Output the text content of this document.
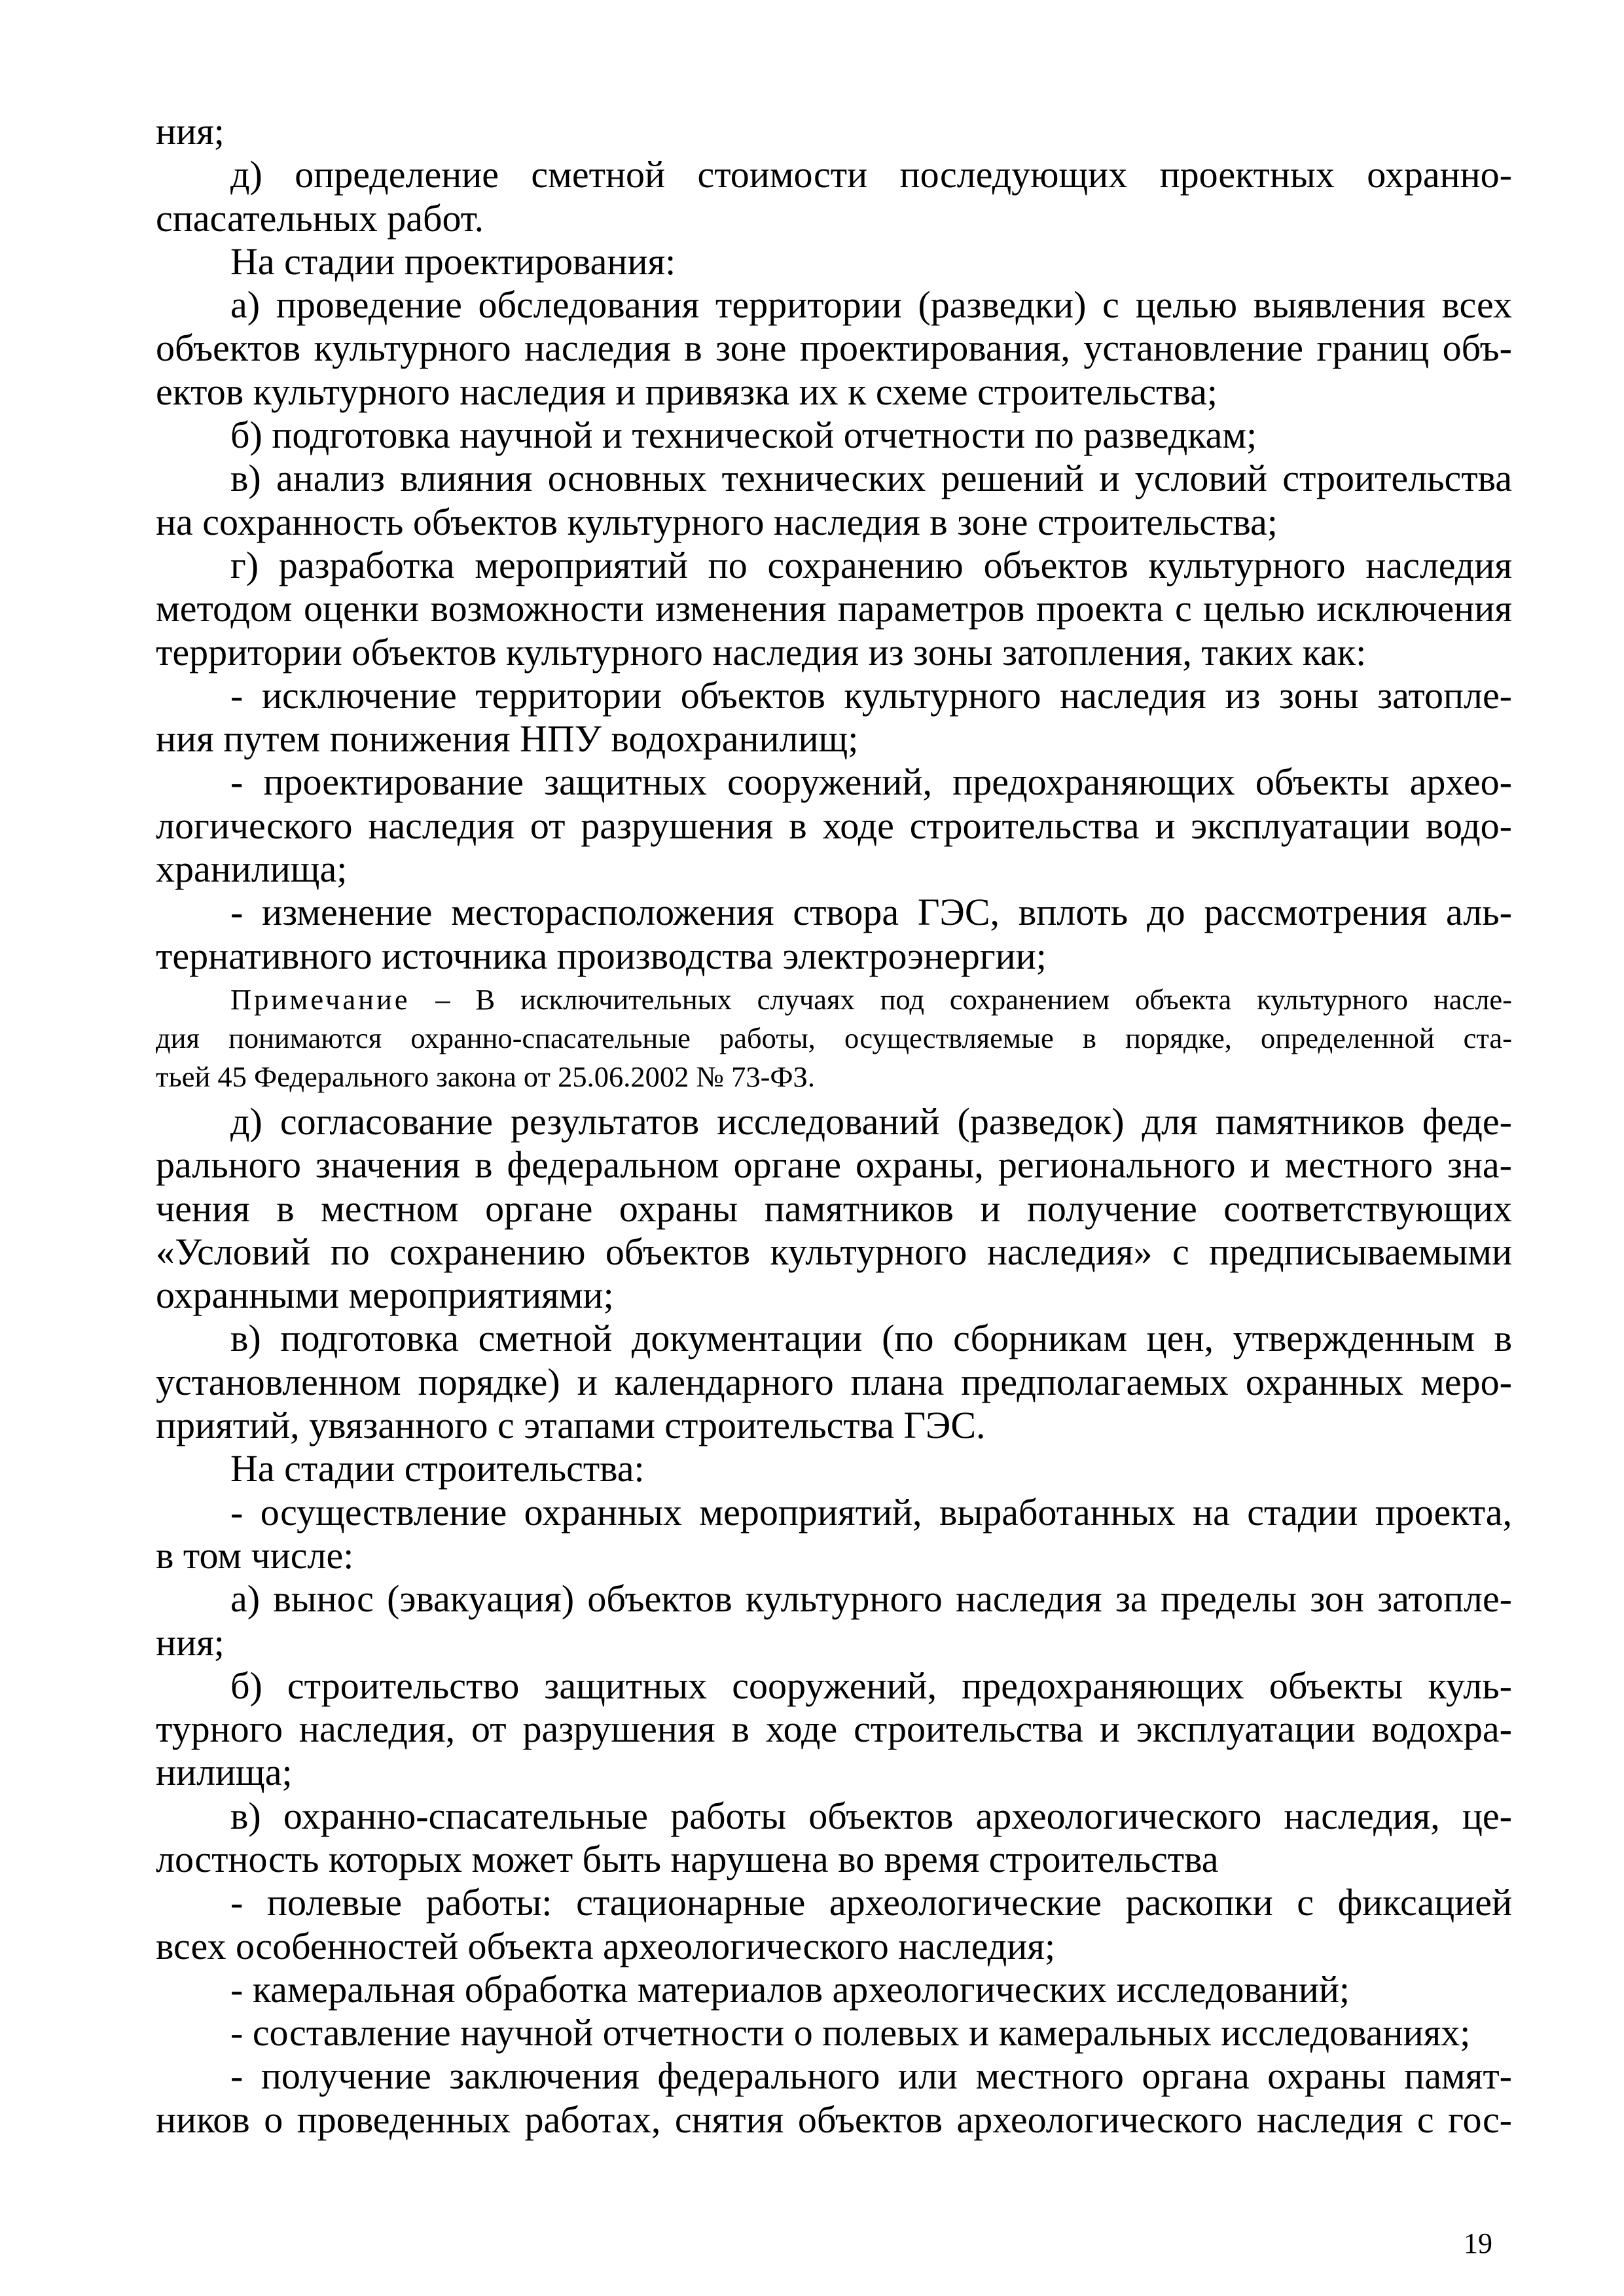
ния;
д) определение сметной стоимости последующих проектных охранно-
спасательных работ.
На стадии проектирования:
а) проведение обследования территории (разведки) с целью выявления всех
объектов культурного наследия в зоне проектирования, установление границ объ-
ектов культурного наследия и привязка их к схеме строительства;
б) подготовка научной и технической отчетности по разведкам;
в) анализ влияния основных технических решений и условий строительства
на сохранность объектов культурного наследия в зоне строительства;
г) разработка мероприятий по сохранению объектов культурного наследия
методом оценки возможности изменения параметров проекта с целью исключения
территории объектов культурного наследия из зоны затопления, таких как:
- исключение территории объектов культурного наследия из зоны затопле-
ния путем понижения НПУ водохранилищ;
- проектирование защитных сооружений, предохраняющих объекты архео-
логического наследия от разрушения в ходе строительства и эксплуатации водо-
хранилища;
- изменение месторасположения створа ГЭС, вплоть до рассмотрения аль-
тернативного источника производства электроэнергии;
Примечание – В исключительных случаях под сохранением объекта культурного насле-
дия понимаются охранно-спасательные работы, осуществляемые в порядке, определенной ста-
тьей 45 Федерального закона от 25.06.2002 № 73-ФЗ.
д) согласование результатов исследований (разведок) для памятников феде-
рального значения в федеральном органе охраны, регионального и местного зна-
чения в местном органе охраны памятников и получение соответствующих
«Условий по сохранению объектов культурного наследия» с предписываемыми
охранными мероприятиями;
в) подготовка сметной документации (по сборникам цен, утвержденным в
установленном порядке) и календарного плана предполагаемых охранных меро-
приятий, увязанного с этапами строительства ГЭС.
На стадии строительства:
- осуществление охранных мероприятий, выработанных на стадии проекта,
в том числе:
а) вынос (эвакуация) объектов культурного наследия за пределы зон затопле-
ния;
б) строительство защитных сооружений, предохраняющих объекты куль-
турного наследия, от разрушения в ходе строительства и эксплуатации водохра-
нилища;
в) охранно-спасательные работы объектов археологического наследия, це-
лостность которых может быть нарушена во время строительства
- полевые работы: стационарные археологические раскопки с фиксацией
всех особенностей объекта археологического наследия;
- камеральная обработка материалов археологических исследований;
- составление научной отчетности о полевых и камеральных исследованиях;
- получение заключения федерального или местного органа охраны памят-
ников о проведенных работах, снятия объектов археологического наследия с гос-
19
